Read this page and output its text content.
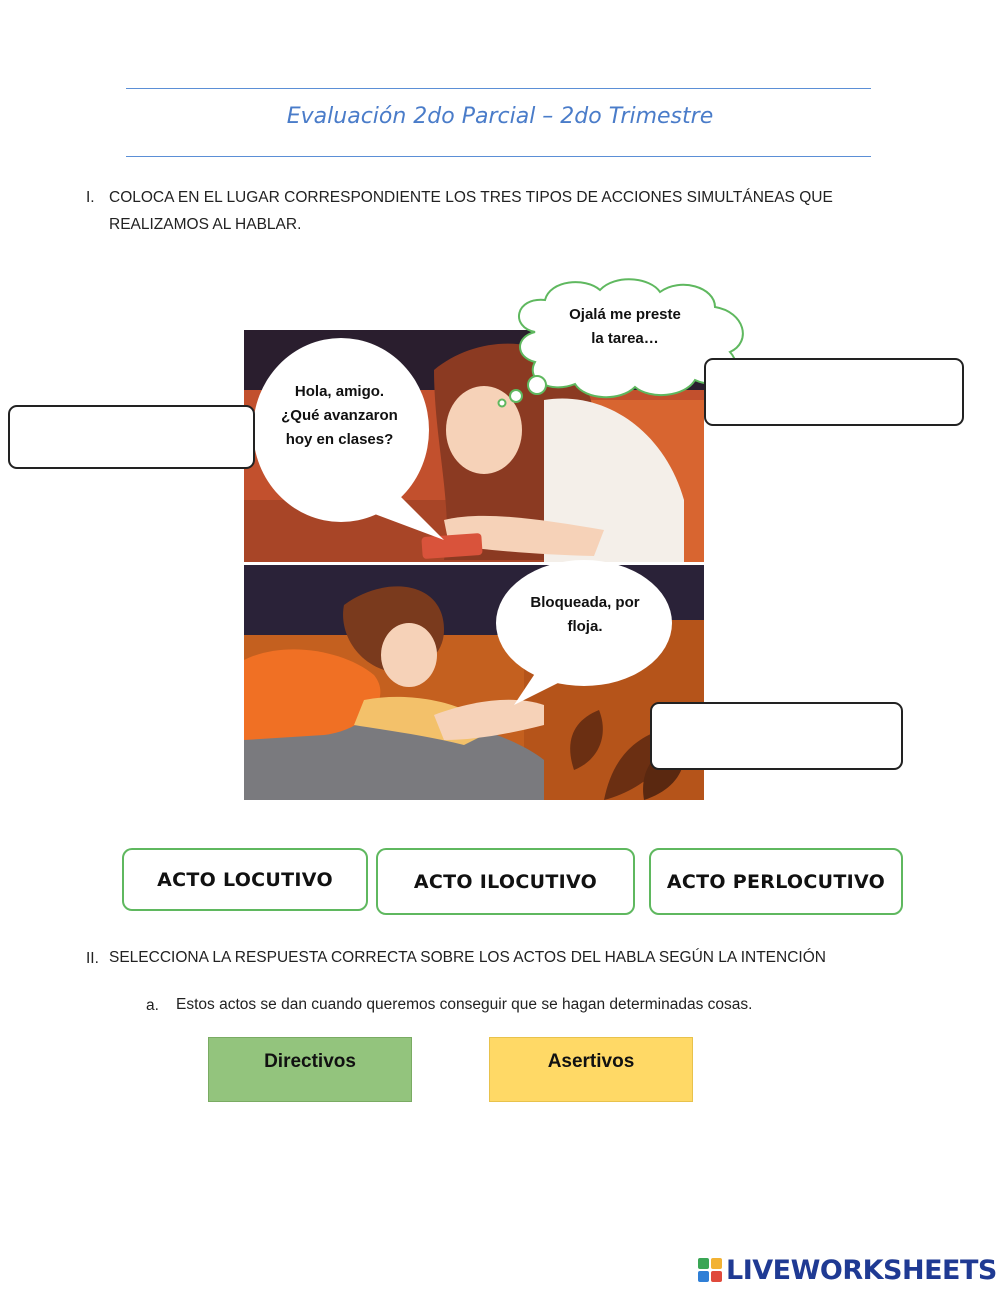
Evaluación 2do Parcial – 2do Trimestre
I. COLOCA EN EL LUGAR CORRESPONDIENTE LOS TRES TIPOS DE ACCIONES SIMULTÁNEAS QUE
REALIZAMOS AL HABLAR.
Ojalá me preste
la tarea…
Hola, amigo.
¿Qué avanzaron
hoy en clases?
Bloqueada, por
floja.
ACTO LOCUTIVO	ACTO ILOCUTIVO	ACTO PERLOCUTIVO
II. SELECCIONA LA RESPUESTA CORRECTA SOBRE LOS ACTOS DEL HABLA SEGÚN LA INTENCIÓN
a. Estos actos se dan cuando queremos conseguir que se hagan determinadas cosas.
Directivos	Asertivos
LIVEWORKSHEETS
